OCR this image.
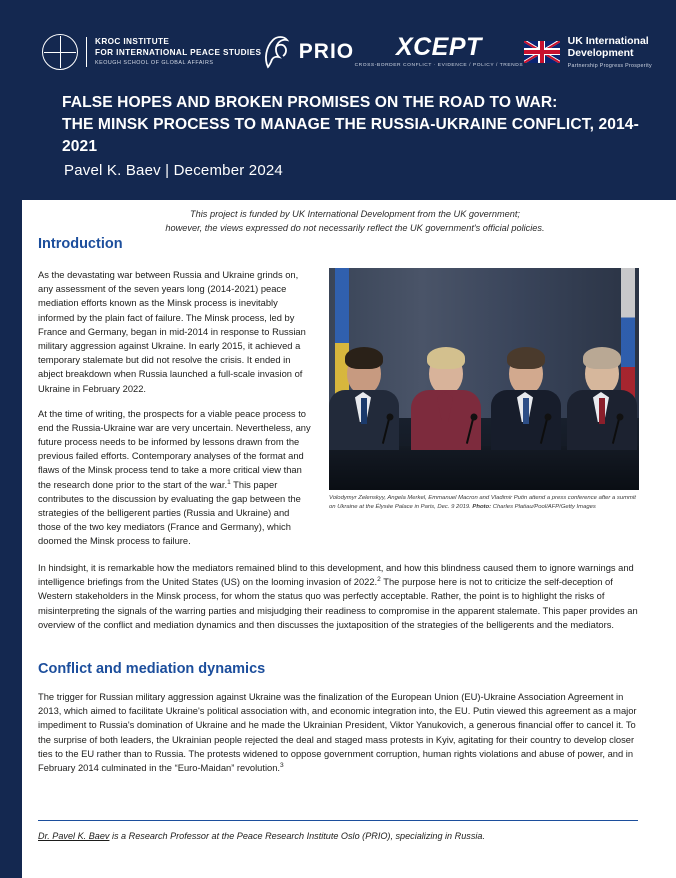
KROC INSTITUTE
FOR INTERNATIONAL PEACE STUDIES
KEOUGH SCHOOL OF GLOBAL AFFAIRS	PRIO	XCEPT
CROSS-BORDER CONFLICT · EVIDENCE / POLICY / TRENDS
UK International
Development
Partnership Progress Prosperity
FALSE HOPES AND BROKEN PROMISES ON THE ROAD TO WAR:
THE MINSK PROCESS TO MANAGE THE RUSSIA-UKRAINE CONFLICT, 2014-2021
Pavel K. Baev | December 2024
This project is funded by UK International Development from the UK government;
however, the views expressed do not necessarily reflect the UK government's official policies.
Introduction

As the devastating war between Russia and Ukraine grinds on, any assessment of the seven years long (2014-2021) peace mediation efforts known as the Minsk process is inevitably informed by the plain fact of failure. The Minsk process, led by France and Germany, began in mid-2014 in response to Russian military aggression against Ukraine. In early 2015, it achieved a temporary stalemate but did not resolve the crisis. It ended in abject breakdown when Russia launched a full-scale invasion of Ukraine in February 2022.

At the time of writing, the prospects for a viable peace process to end the Russia-Ukraine war are very uncertain. Nevertheless, any future process needs to be informed by lessons drawn from the previous failed efforts. Contemporary analyses of the format and flaws of the Minsk process tend to take a more critical view than the research done prior to the start of the war.$^1$ This paper contributes to the discussion by evaluating the gap between the strategies of the belligerent parties (Russia and Ukraine) and those of the two key mediators (France and Germany), which doomed the Minsk process to failure.

Volodymyr Zelenskyy, Angela Merkel, Emmanuel Macron and Vladimir Putin attend a press conference after a summit on Ukraine at the Élysée Palace in Paris, Dec. 9 2019. Photo: Charles Platiau/Pool/AFP/Getty Images

In hindsight, it is remarkable how the mediators remained blind to this development, and how this blindness caused them to ignore warnings and intelligence briefings from the United States (US) on the looming invasion of 2022.$^2$ The purpose here is not to criticize the self-deception of Western stakeholders in the Minsk process, for whom the status quo was perfectly acceptable. Rather, the point is to highlight the risks of misinterpreting the signals of the warring parties and misjudging their readiness to compromise in the apparent stalemate. This paper provides an overview of the conflict and mediation dynamics and then discusses the juxtaposition of the strategies of the belligerents and the mediators.

Conflict and mediation dynamics

The trigger for Russian military aggression against Ukraine was the finalization of the European Union (EU)-Ukraine Association Agreement in 2013, which aimed to facilitate Ukraine's political association with, and economic integration into, the EU. Putin viewed this agreement as a major impediment to Russia's domination of Ukraine and he made the Ukrainian President, Viktor Yanukovich, a generous financial offer to cancel it. To the surprise of both leaders, the Ukrainian people rejected the deal and staged mass protests in Kyiv, agitating for their country to develop closer ties to the EU rather than to Russia. The protests widened to oppose government corruption, human rights violations and abuse of power, and in February 2014 culminated in the “Euro-Maidan” revolution.$^3$

Dr. Pavel K. Baev is a Research Professor at the Peace Research Institute Oslo (PRIO), specializing in Russia.
